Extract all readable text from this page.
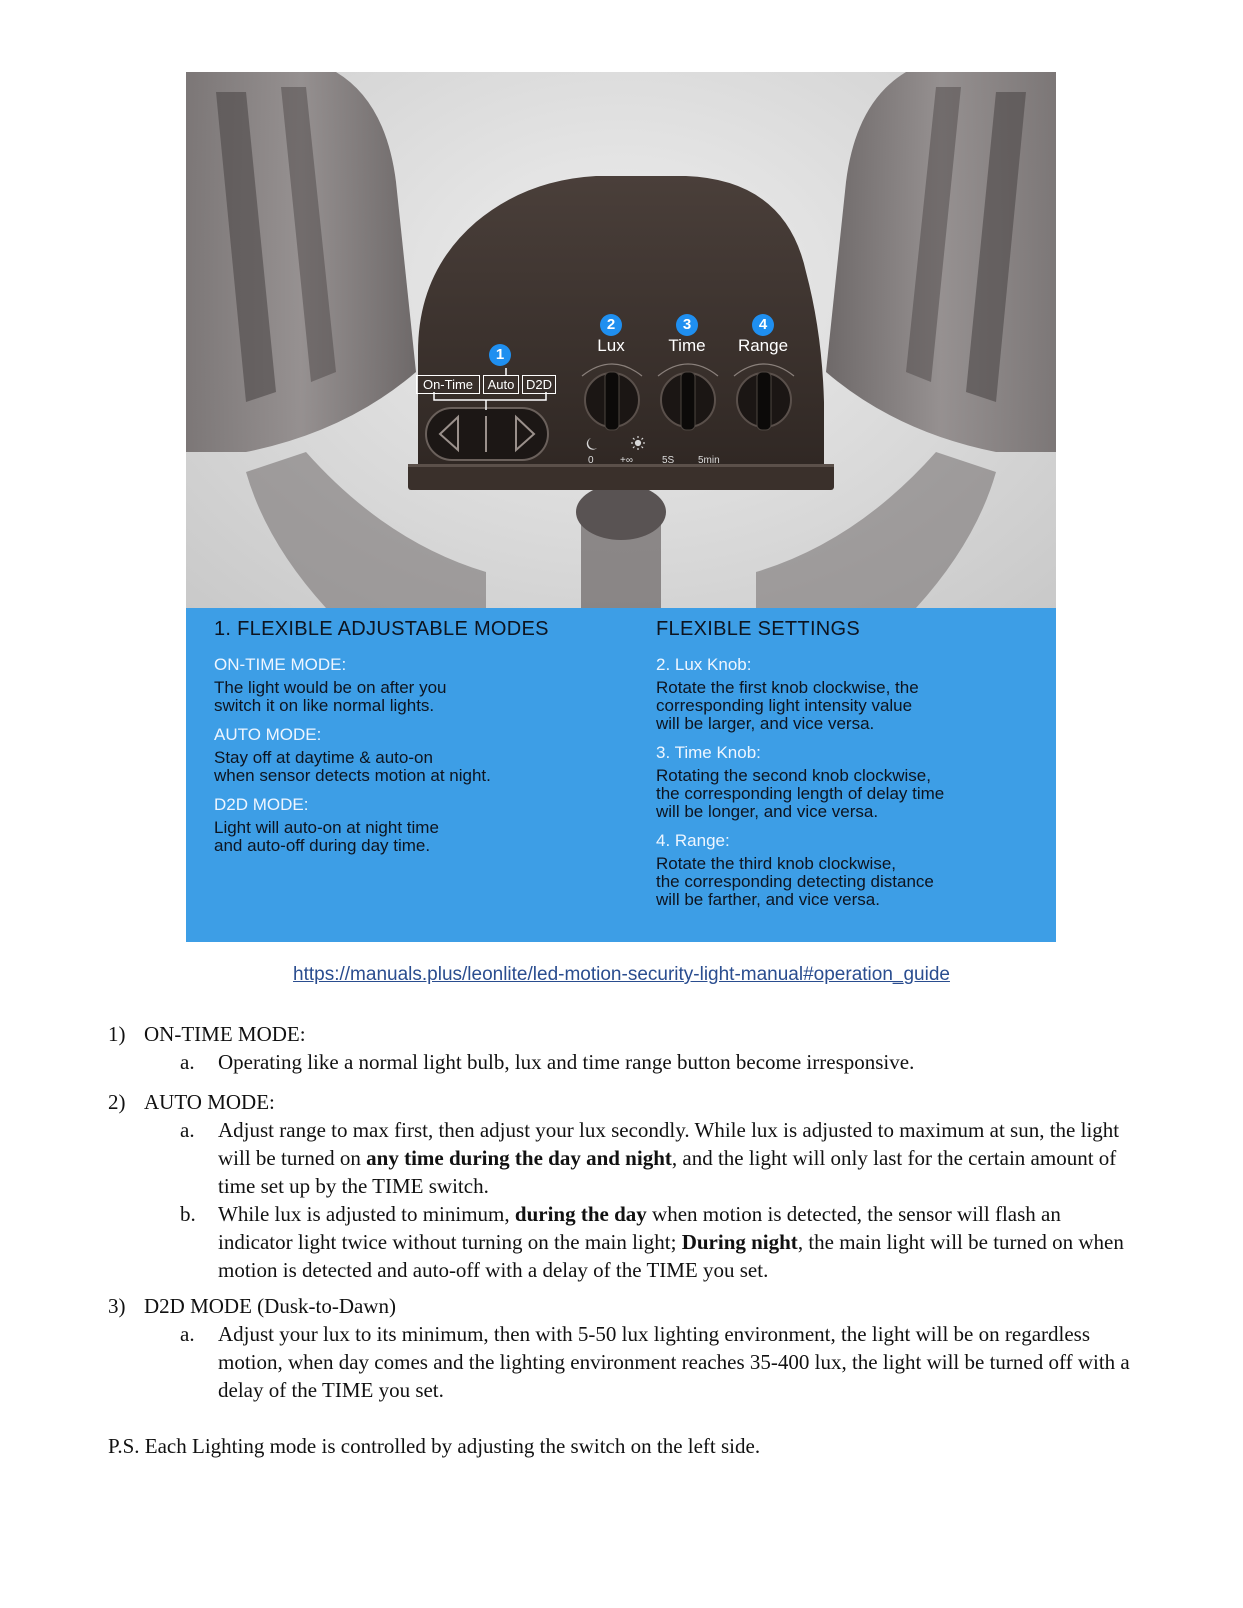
1
2	3	4
Lux	Time	Range
On-Time	Auto D2D
0	+∞	5S 5min
1. FLEXIBLE ADJUSTABLE MODES
ON-TIME MODE:

The light would be on after you
switch it on like normal lights.

AUTO MODE:

Stay off at daytime & auto-on
when sensor detects motion at night.

D2D MODE:

Light will auto-on at night time
and auto-off during day time.

FLEXIBLE SETTINGS
2. Lux Knob:

Rotate the first knob clockwise, the
corresponding light intensity value
will be larger, and vice versa.

3. Time Knob:

Rotating the second knob clockwise,
the corresponding length of delay time
will be longer, and vice versa.

4. Range:

Rotate the third knob clockwise,
the corresponding detecting distance
will be farther, and vice versa.

https://manuals.plus/leonlite/led-motion-security-light-manual#operation_guide
1) ON-TIME MODE:
a. Operating like a normal light bulb, lux and time range button become irresponsive.
2) AUTO MODE:
a. Adjust range to max first, then adjust your lux secondly. While lux is adjusted to maximum at sun, the light will be turned on any time during the day and night, and the light will only last for the certain amount of time set up by the TIME switch.
b. While lux is adjusted to minimum, during the day when motion is detected, the sensor will flash an indicator light twice without turning on the main light; During night, the main light will be turned on when motion is detected and auto-off with a delay of the TIME you set.
3) D2D MODE (Dusk-to-Dawn)
a. Adjust your lux to its minimum, then with 5-50 lux lighting environment, the light will be on regardless motion, when day comes and the lighting environment reaches 35-400 lux, the light will be turned off with a delay of the TIME you set.
P.S. Each Lighting mode is controlled by adjusting the switch on the left side.
